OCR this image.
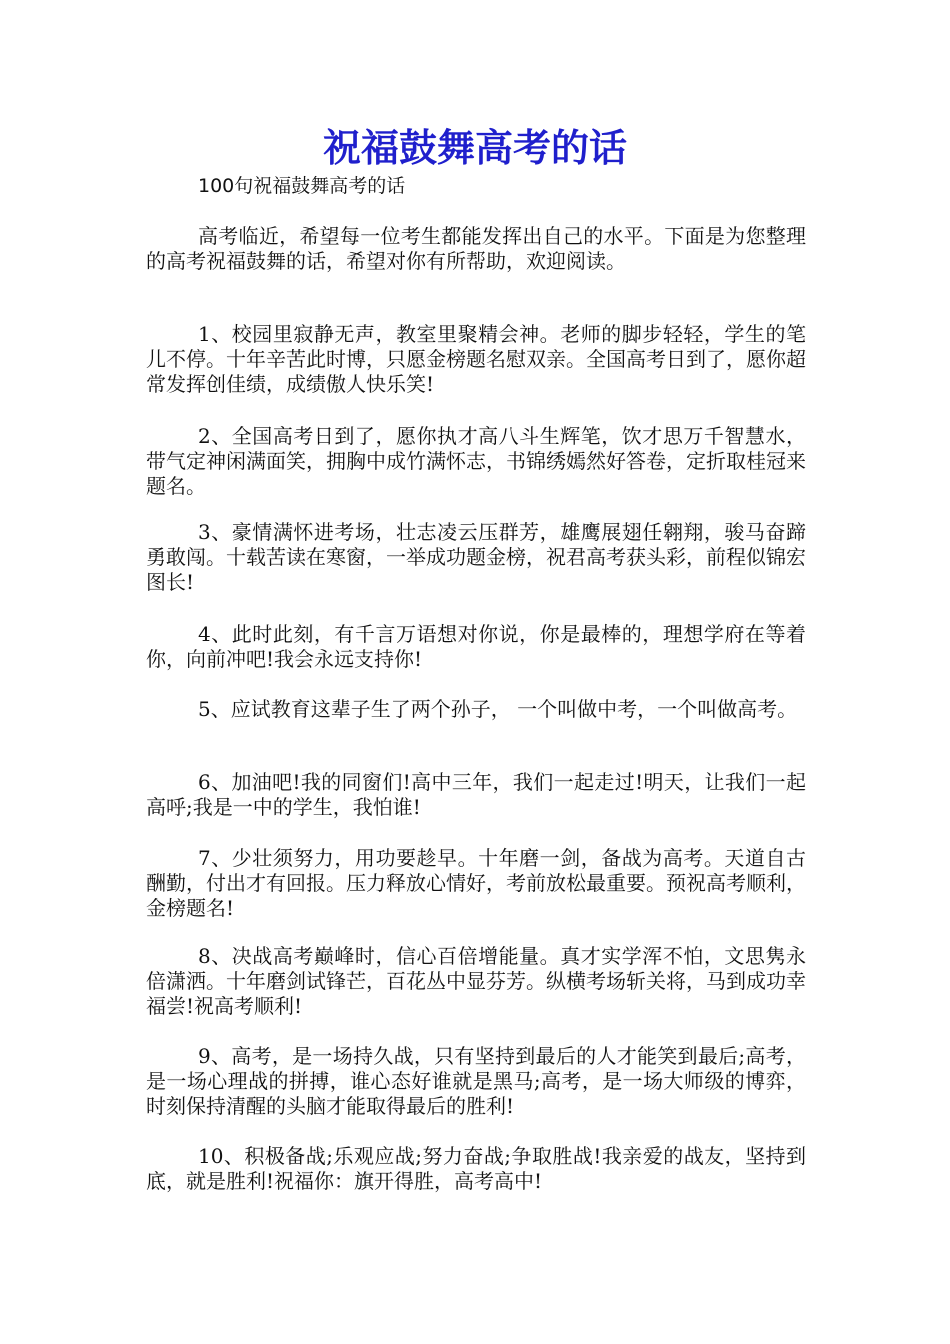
祝福鼓舞高考的话
100句祝福鼓舞高考的话

高考临近，希望每一位考生都能发挥出自己的水平。下面是为您整理的高考祝福鼓舞的话，希望对你有所帮助，欢迎阅读。

1、校园里寂静无声，教室里聚精会神。老师的脚步轻轻，学生的笔儿不停。十年辛苦此时博，只愿金榜题名慰双亲。全国高考日到了，愿你超常发挥创佳绩，成绩傲人快乐笑!

2、全国高考日到了，愿你执才高八斗生辉笔，饮才思万千智慧水，带气定神闲满面笑，拥胸中成竹满怀志，书锦绣嫣然好答卷，定折取桂冠来题名。

3、豪情满怀进考场，壮志凌云压群芳，雄鹰展翅任翱翔，骏马奋蹄勇敢闯。十载苦读在寒窗，一举成功题金榜，祝君高考获头彩，前程似锦宏图长!

4、此时此刻，有千言万语想对你说，你是最棒的，理想学府在等着你，向前冲吧!我会永远支持你!

5、应试教育这辈子生了两个孙子， 一个叫做中考，一个叫做高考。

6、加油吧!我的同窗们!高中三年，我们一起走过!明天，让我们一起高呼;我是一中的学生，我怕谁!

7、少壮须努力，用功要趁早。十年磨一剑，备战为高考。天道自古酬勤，付出才有回报。压力释放心情好，考前放松最重要。预祝高考顺利，金榜题名!

8、决战高考巅峰时，信心百倍增能量。真才实学浑不怕，文思隽永倍潇洒。十年磨剑试锋芒，百花丛中显芬芳。纵横考场斩关将，马到成功幸福尝!祝高考顺利!

9、高考，是一场持久战，只有坚持到最后的人才能笑到最后;高考，是一场心理战的拼搏，谁心态好谁就是黑马;高考，是一场大师级的博弈，时刻保持清醒的头脑才能取得最后的胜利!

10、积极备战;乐观应战;努力奋战;争取胜战!我亲爱的战友，坚持到底，就是胜利!祝福你：旗开得胜，高考高中!
